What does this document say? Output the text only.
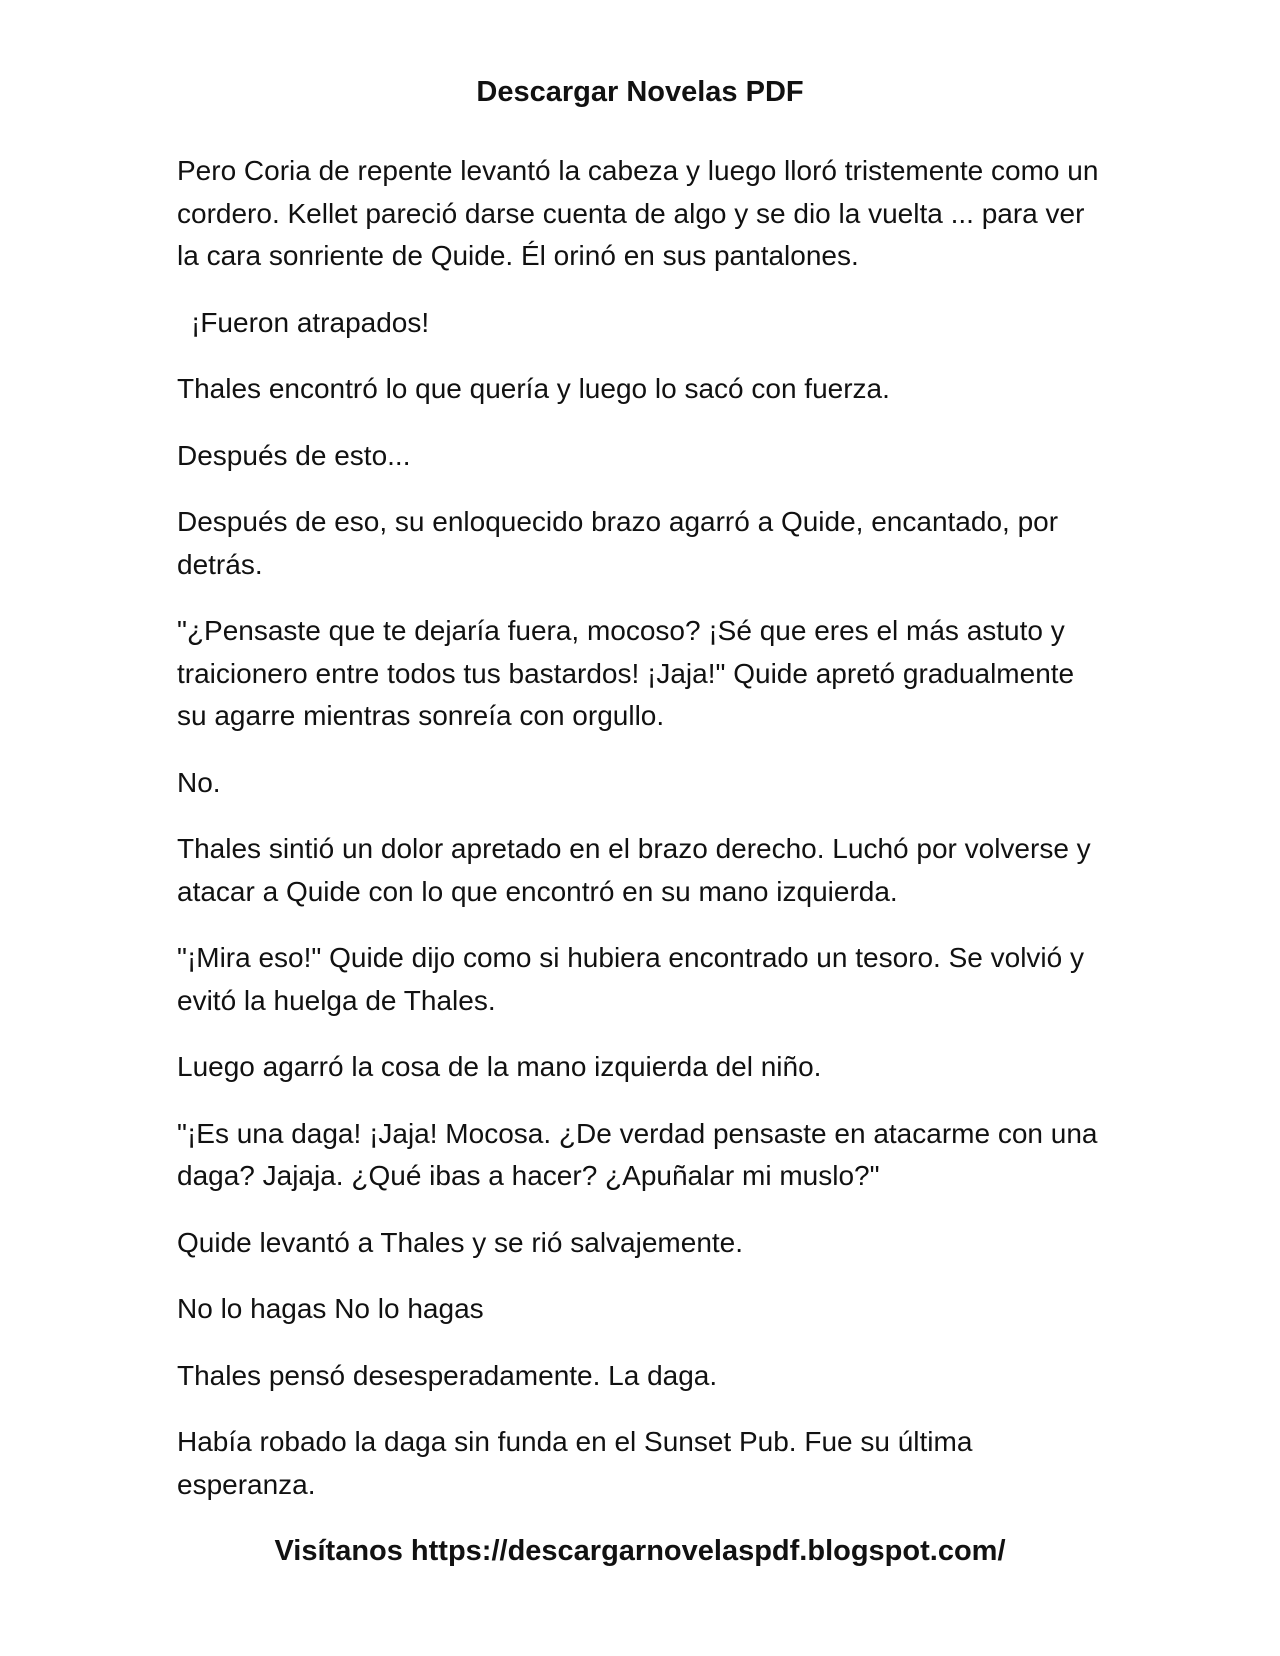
Descargar Novelas PDF

Pero Coria de repente levantó la cabeza y luego lloró tristemente como un cordero. Kellet pareció darse cuenta de algo y se dio la vuelta ... para ver la cara sonriente de Quide. Él orinó en sus pantalones.

¡Fueron atrapados!

Thales encontró lo que quería y luego lo sacó con fuerza.

Después de esto...

Después de eso, su enloquecido brazo agarró a Quide, encantado, por detrás.

"¿Pensaste que te dejaría fuera, mocoso? ¡Sé que eres el más astuto y traicionero entre todos tus bastardos! ¡Jaja!" Quide apretó gradualmente su agarre mientras sonreía con orgullo.

No.

Thales sintió un dolor apretado en el brazo derecho. Luchó por volverse y atacar a Quide con lo que encontró en su mano izquierda.

"¡Mira eso!" Quide dijo como si hubiera encontrado un tesoro. Se volvió y evitó la huelga de Thales.

Luego agarró la cosa de la mano izquierda del niño.

"¡Es una daga! ¡Jaja! Mocosa. ¿De verdad pensaste en atacarme con una daga? Jajaja. ¿Qué ibas a hacer? ¿Apuñalar mi muslo?"

Quide levantó a Thales y se rió salvajemente.

No lo hagas No lo hagas

Thales pensó desesperadamente. La daga.

Había robado la daga sin funda en el Sunset Pub. Fue su última esperanza.

Visítanos https://descargarnovelaspdf.blogspot.com/
